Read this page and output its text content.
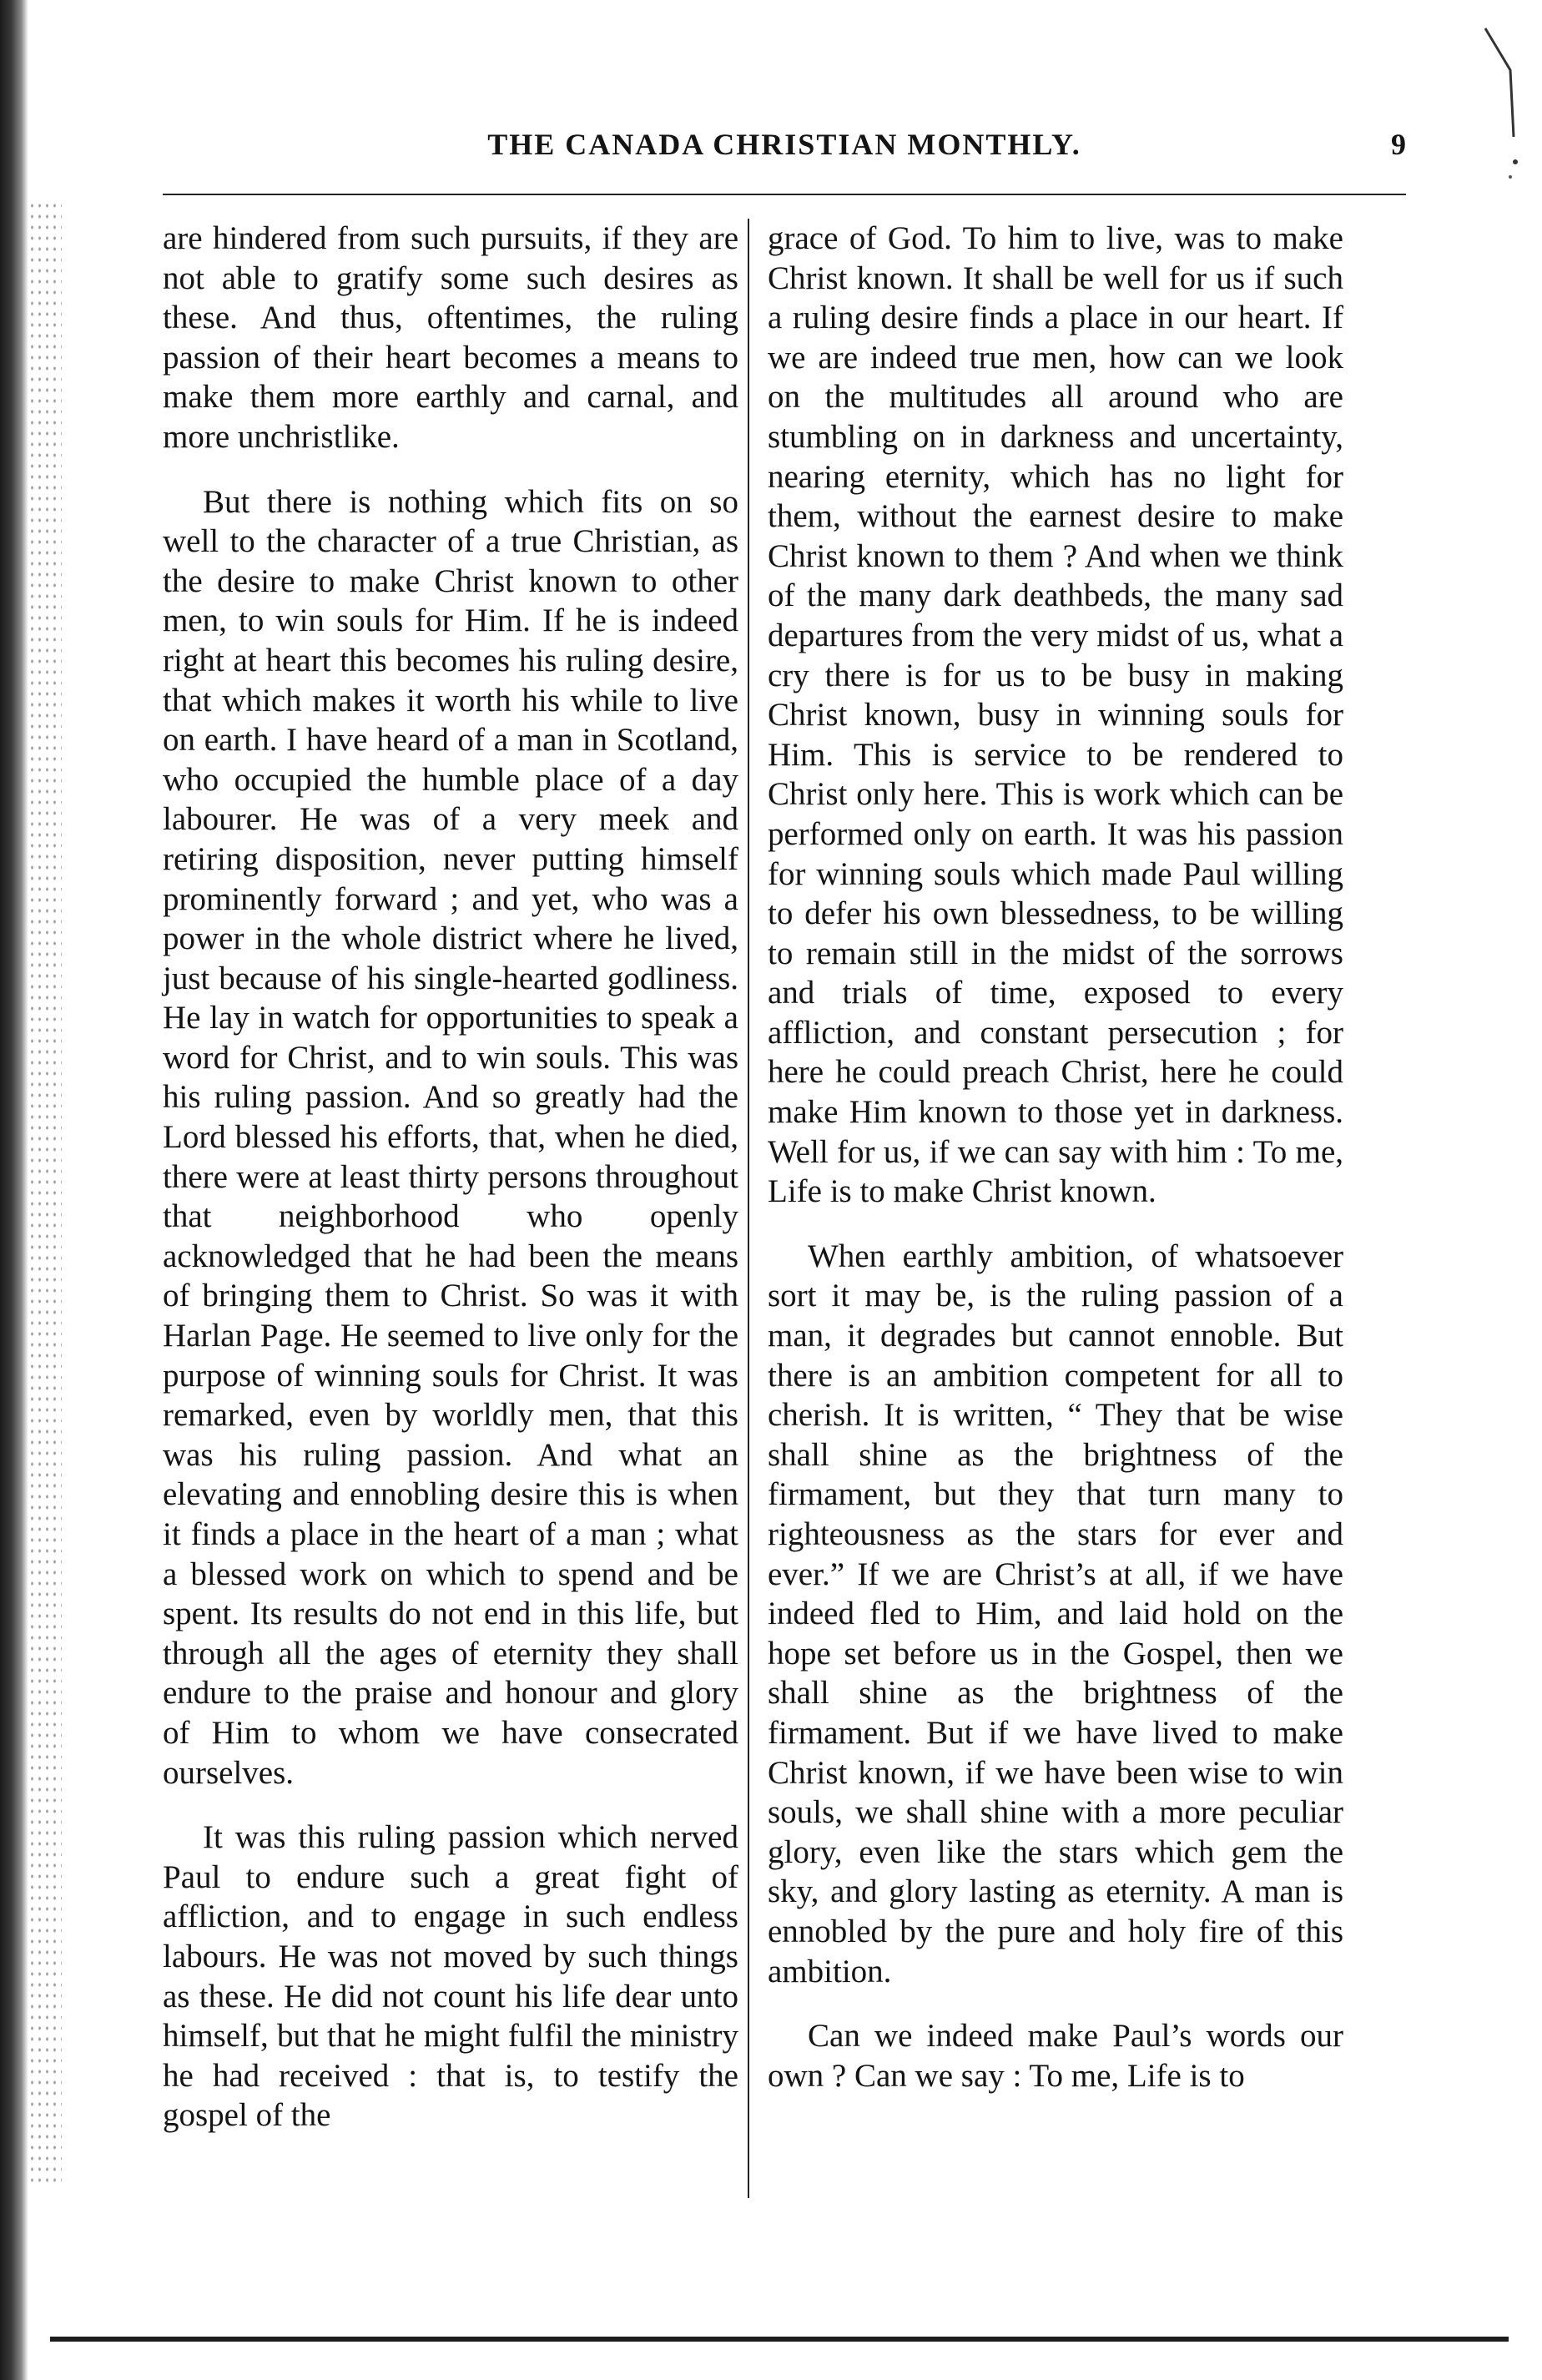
THE CANADA CHRISTIAN MONTHLY.	9

are hindered from such pursuits, if they are not able to gratify some such desires as these. And thus, oftentimes, the ruling passion of their heart becomes a means to make them more earthly and carnal, and more unchristlike.

But there is nothing which fits on so well to the character of a true Christian, as the desire to make Christ known to other men, to win souls for Him. If he is indeed right at heart this becomes his ruling desire, that which makes it worth his while to live on earth. I have heard of a man in Scotland, who occupied the humble place of a day labourer. He was of a very meek and retiring disposition, never putting himself prominently forward ; and yet, who was a power in the whole district where he lived, just because of his single-hearted godliness. He lay in watch for opportunities to speak a word for Christ, and to win souls. This was his ruling passion. And so greatly had the Lord blessed his efforts, that, when he died, there were at least thirty persons throughout that neighborhood who openly acknowledged that he had been the means of bringing them to Christ. So was it with Harlan Page. He seemed to live only for the purpose of winning souls for Christ. It was remarked, even by worldly men, that this was his ruling passion. And what an elevating and ennobling desire this is when it finds a place in the heart of a man ; what a blessed work on which to spend and be spent. Its results do not end in this life, but through all the ages of eternity they shall endure to the praise and honour and glory of Him to whom we have consecrated ourselves.

It was this ruling passion which nerved Paul to endure such a great fight of affliction, and to engage in such endless labours. He was not moved by such things as these. He did not count his life dear unto himself, but that he might fulfil the ministry he had received : that is, to testify the gospel of the

grace of God. To him to live, was to make Christ known. It shall be well for us if such a ruling desire finds a place in our heart. If we are indeed true men, how can we look on the multitudes all around who are stumbling on in darkness and uncertainty, nearing eternity, which has no light for them, without the earnest desire to make Christ known to them ? And when we think of the many dark deathbeds, the many sad departures from the very midst of us, what a cry there is for us to be busy in making Christ known, busy in winning souls for Him. This is service to be rendered to Christ only here. This is work which can be performed only on earth. It was his passion for winning souls which made Paul willing to defer his own blessedness, to be willing to remain still in the midst of the sorrows and trials of time, exposed to every affliction, and constant persecution ; for here he could preach Christ, here he could make Him known to those yet in darkness. Well for us, if we can say with him : To me, Life is to make Christ known.

When earthly ambition, of whatsoever sort it may be, is the ruling passion of a man, it degrades but cannot ennoble. But there is an ambition competent for all to cherish. It is written, “ They that be wise shall shine as the brightness of the firmament, but they that turn many to righteousness as the stars for ever and ever.” If we are Christ’s at all, if we have indeed fled to Him, and laid hold on the hope set before us in the Gospel, then we shall shine as the brightness of the firmament. But if we have lived to make Christ known, if we have been wise to win souls, we shall shine with a more peculiar glory, even like the stars which gem the sky, and glory lasting as eternity. A man is ennobled by the pure and holy fire of this ambition.

Can we indeed make Paul’s words our own ? Can we say : To me, Life is to
